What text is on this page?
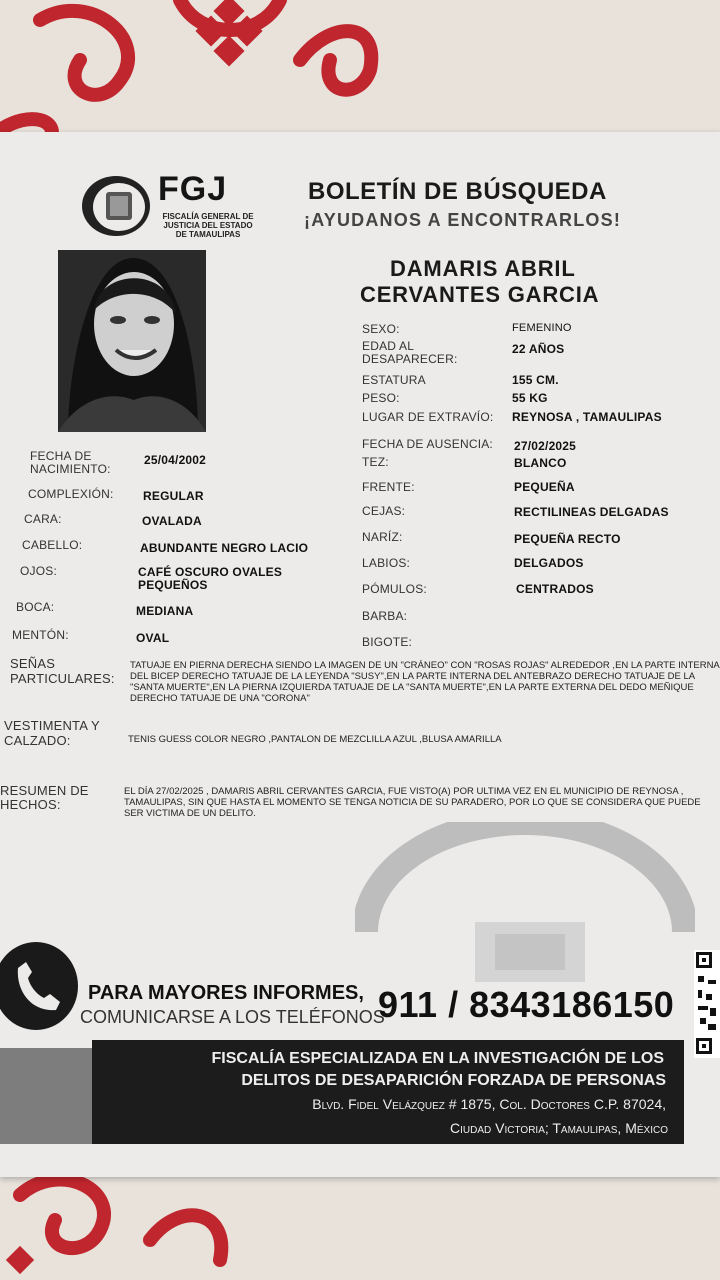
FGJ
FISCALÍA GENERAL DE
JUSTICIA DEL ESTADO
DE TAMAULIPAS
BOLETÍN DE BÚSQUEDA
¡AYUDANOS A ENCONTRARLOS!
DAMARIS ABRIL
CERVANTES GARCIA
SEXO:	FEMENINO
EDAD AL DESAPARECER:
22 AÑOS
ESTATURA	155 CM.
PESO:	55 KG
LUGAR DE EXTRAVÍO: REYNOSA , TAMAULIPAS
FECHA DE AUSENCIA: 27/02/2025
TEZ:	BLANCO
FRENTE:	PEQUEÑA
CEJAS:	RECTILINEAS DELGADAS
NARÍZ:	PEQUEÑA RECTO
LABIOS:	DELGADOS
PÓMULOS:	CENTRADOS
BARBA:
BIGOTE:
FECHA DE NACIMIENTO:
25/04/2002
COMPLEXIÓN: REGULAR
CARA:	OVALADA
CABELLO:	ABUNDANTE NEGRO LACIO
OJOS:	CAFÉ OSCURO OVALES PEQUEÑOS
BOCA:	MEDIANA
MENTÓN:	OVAL
SEÑAS PARTICULARES:
TATUAJE EN PIERNA DERECHA SIENDO LA IMAGEN DE UN "CRÁNEO" CON "ROSAS ROJAS" ALREDEDOR ,EN LA PARTE INTERNA DEL BICEP DERECHO TATUAJE DE LA LEYENDA "SUSY",EN LA PARTE INTERNA DEL ANTEBRAZO DERECHO TATUAJE DE LA "SANTA MUERTE",EN LA PIERNA IZQUIERDA TATUAJE DE LA "SANTA MUERTE",EN LA PARTE EXTERNA DEL DEDO MEÑIQUE DERECHO TATUAJE DE UNA "CORONA"
VESTIMENTA Y CALZADO:	TENIS GUESS COLOR NEGRO ,PANTALON DE MEZCLILLA AZUL ,BLUSA AMARILLA
RESUMEN DE HECHOS:
EL DÍA 27/02/2025 , DAMARIS ABRIL CERVANTES GARCIA, FUE VISTO(A) POR ULTIMA VEZ EN EL MUNICIPIO DE REYNOSA , TAMAULIPAS, SIN QUE HASTA EL MOMENTO SE TENGA NOTICIA DE SU PARADERO, POR LO QUE SE CONSIDERA QUE PUEDE SER VICTIMA DE UN DELITO.
PARA MAYORES INFORMES,
COMUNICARSE A LOS TELÉFONOS
911 / 8343186150
FISCALÍA ESPECIALIZADA EN LA INVESTIGACIÓN DE LOS
DELITOS DE DESAPARICIÓN FORZADA DE PERSONAS
Blvd. Fidel Velázquez # 1875, Col. Doctores C.P. 87024,
Ciudad Victoria; Tamaulipas, México
